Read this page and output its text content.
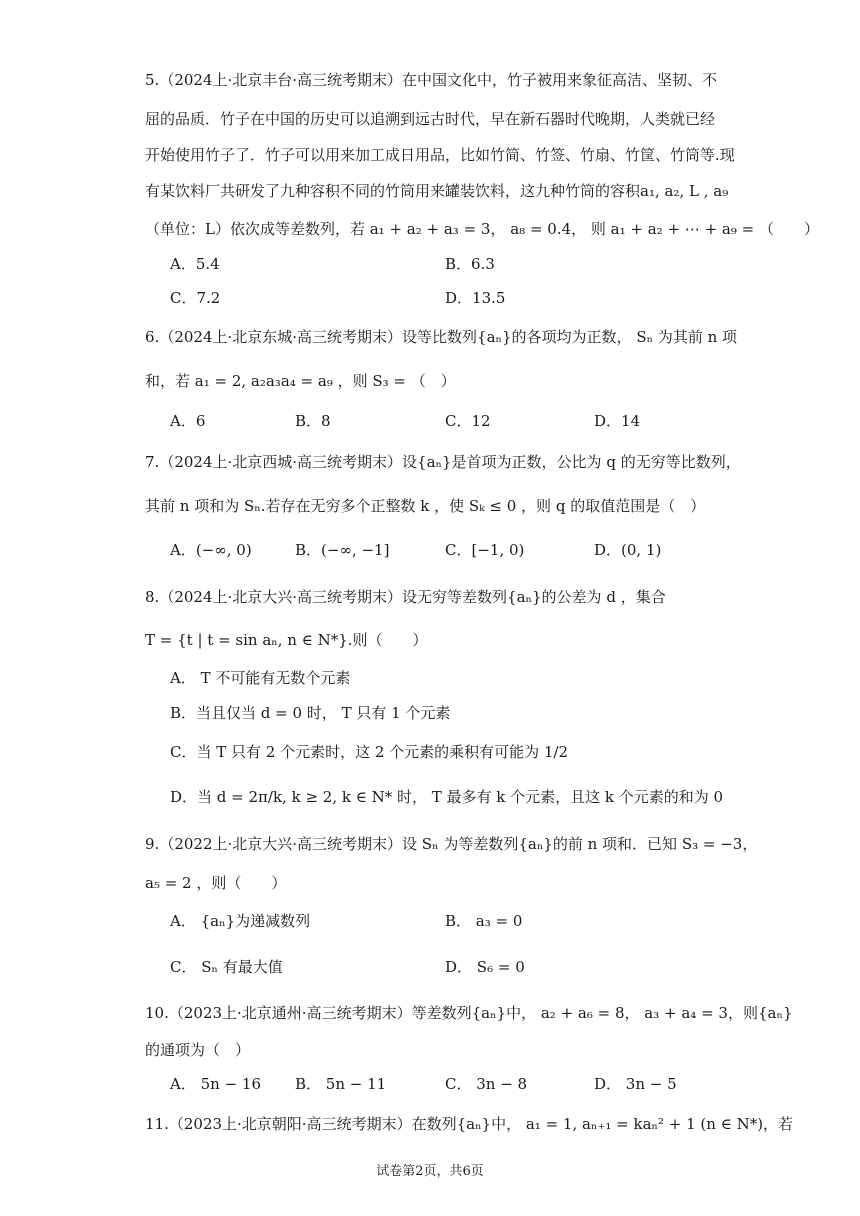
5.（2024上·北京丰台·高三统考期末）在中国文化中，竹子被用来象征高洁、坚韧、不
屈的品质．竹子在中国的历史可以追溯到远古时代，早在新石器时代晚期，人类就已经
开始使用竹子了．竹子可以用来加工成日用品，比如竹简、竹签、竹扇、竹筐、竹筒等.现
有某饮料厂共研发了九种容积不同的竹筒用来罐装饮料，这九种竹筒的容积a₁, a₂, L , a₉
（单位：L）依次成等差数列，若 a₁ + a₂ + a₃ = 3， a₈ = 0.4， 则 a₁ + a₂ + ⋯ + a₉ = （　　）
A．5.4	B．6.3
C．7.2	D．13.5
6.（2024上·北京东城·高三统考期末）设等比数列{aₙ}的各项均为正数， Sₙ 为其前 n 项
和，若 a₁ = 2, a₂a₃a₄ = a₉ ，则 S₃ = （　）
A．6	B．8	C．12	D．14
7.（2024上·北京西城·高三统考期末）设{aₙ}是首项为正数，公比为 q 的无穷等比数列，
其前 n 项和为 Sₙ.若存在无穷多个正整数 k ，使 Sₖ ≤ 0 ，则 q 的取值范围是（　）
A．(−∞, 0)	B．(−∞, −1]	C．[−1, 0)	D．(0, 1)
8.（2024上·北京大兴·高三统考期末）设无穷等差数列{aₙ}的公差为 d ，集合
T = {t | t = sin aₙ, n ∈ N*}.则（　　）
A． T 不可能有无数个元素
B．当且仅当 d = 0 时， T 只有 1 个元素
C．当 T 只有 2 个元素时，这 2 个元素的乘积有可能为 1/2
D．当 d = 2π/k, k ≥ 2, k ∈ N* 时， T 最多有 k 个元素，且这 k 个元素的和为 0
9.（2022上·北京大兴·高三统考期末）设 Sₙ 为等差数列{aₙ}的前 n 项和．已知 S₃ = −3，
a₅ = 2 ，则（　　）
A． {aₙ}为递减数列	B． a₃ = 0
C． Sₙ 有最大值	D． S₆ = 0
10.（2023上·北京通州·高三统考期末）等差数列{aₙ}中， a₂ + a₆ = 8， a₃ + a₄ = 3，则{aₙ}
的通项为（　）
A． 5n − 16 B． 5n − 11	C． 3n − 8	D． 3n − 5
11.（2023上·北京朝阳·高三统考期末）在数列{aₙ}中， a₁ = 1, aₙ₊₁ = kaₙ² + 1 (n ∈ N*)，若
试卷第2页，共6页
